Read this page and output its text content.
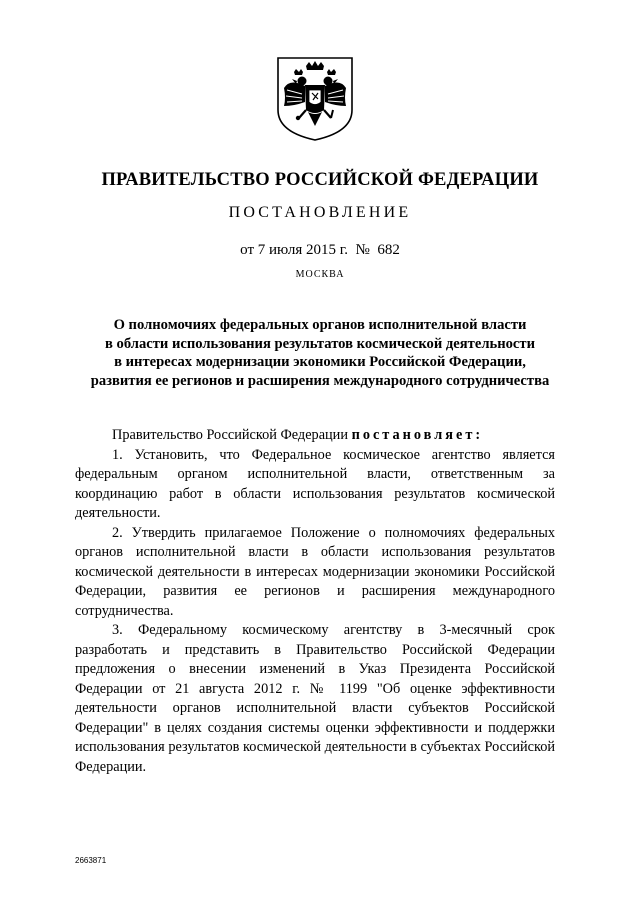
ПРАВИТЕЛЬСТВО РОССИЙСКОЙ ФЕДЕРАЦИИ
ПОСТАНОВЛЕНИЕ
от 7 июля 2015 г. № 682
МОСКВА
О полномочиях федеральных органов исполнительной власти
в области использования результатов космической деятельности
в интересах модернизации экономики Российской Федерации,
развития ее регионов и расширения международного сотрудничества

Правительство Российской Федерации постановляет:

1. Установить, что Федеральное космическое агентство является федеральным органом исполнительной власти, ответственным за координацию работ в области использования результатов космической деятельности.

2. Утвердить прилагаемое Положение о полномочиях федеральных органов исполнительной власти в области использования результатов космической деятельности в интересах модернизации экономики Российской Федерации, развития ее регионов и расширения международного сотрудничества.

3. Федеральному космическому агентству в 3-месячный срок разработать и представить в Правительство Российской Федерации предложения о внесении изменений в Указ Президента Российской Федерации от 21 августа 2012 г. № 1199 "Об оценке эффективности деятельности органов исполнительной власти субъектов Российской Федерации" в целях создания системы оценки эффективности и поддержки использования результатов космической деятельности в субъектах Российской Федерации.

2663871
